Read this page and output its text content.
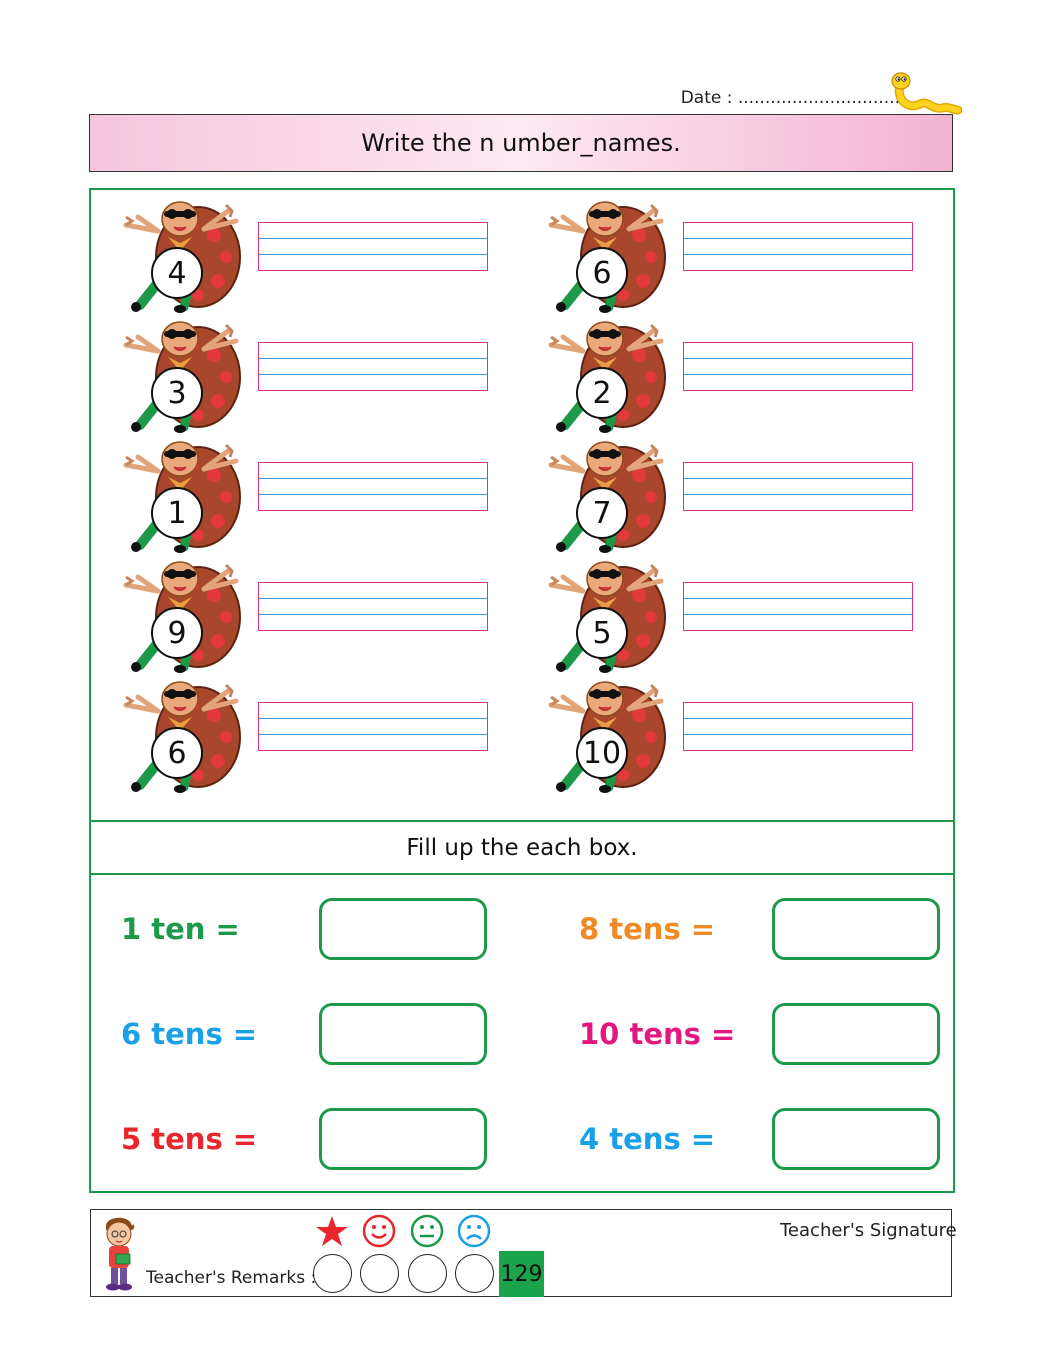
Date : ..............................
Write the n umber_names.
4
3
1
9
6
6
2
7
5
10
Fill up the each box.
1 ten =	8 tens =
6 tens =	10 tens =
5 tens =	4 tens =
Teacher's Remarks :
Teacher's Signature
129
